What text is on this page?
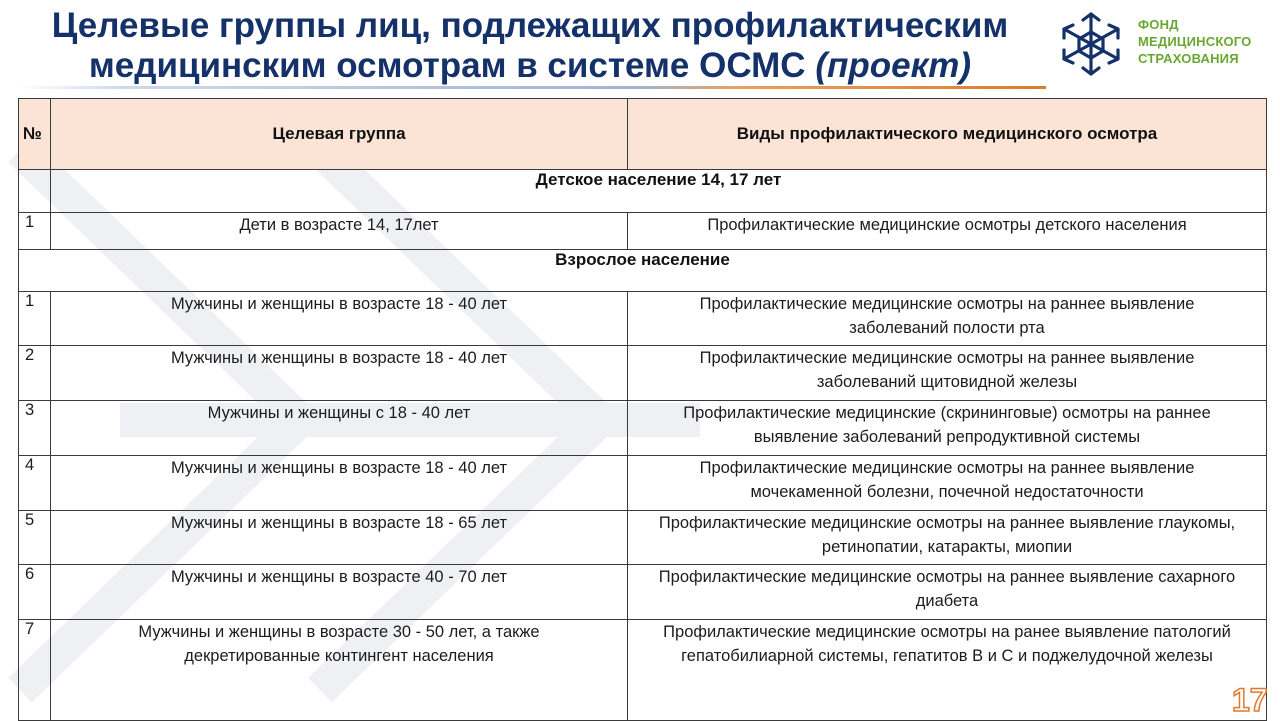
Целевые группы лиц, подлежащих профилактическим
медицинским осмотрам в системе ОСМС (проект)
ФОНД
МЕДИЦИНСКОГО
СТРАХОВАНИЯ
№	Целевая группа	Виды профилактического медицинского осмотра
	Детское население 14, 17 лет	
1	Дети в возрасте 14, 17лет	Профилактические медицинские осмотры детского населения
Взрослое население		
1	Мужчины и женщины в возрасте 18 - 40 лет	Профилактические медицинские осмотры на раннее выявление
заболеваний полости рта
2	Мужчины и женщины в возрасте 18 - 40 лет	Профилактические медицинские осмотры на раннее выявление
заболеваний щитовидной железы
3	Мужчины и женщины с 18 - 40 лет	Профилактические медицинские (скрининговые) осмотры на раннее
выявление заболеваний репродуктивной системы
4	Мужчины и женщины в возрасте 18 - 40 лет	Профилактические медицинские осмотры на раннее выявление
мочекаменной болезни, почечной недостаточности
5	Мужчины и женщины в возрасте 18 - 65 лет	Профилактические медицинские осмотры на раннее выявление глаукомы,
ретинопатии, катаракты, миопии
6	Мужчины и женщины в возрасте 40 - 70 лет	Профилактические медицинские осмотры на раннее выявление сахарного
диабета
7	Мужчины и женщины в возрасте 30 - 50 лет, а также
декретированные контингент населения	Профилактические медицинские осмотры на ранее выявление патологий
гепатобилиарной системы, гепатитов В и С и поджелудочной железы
17
